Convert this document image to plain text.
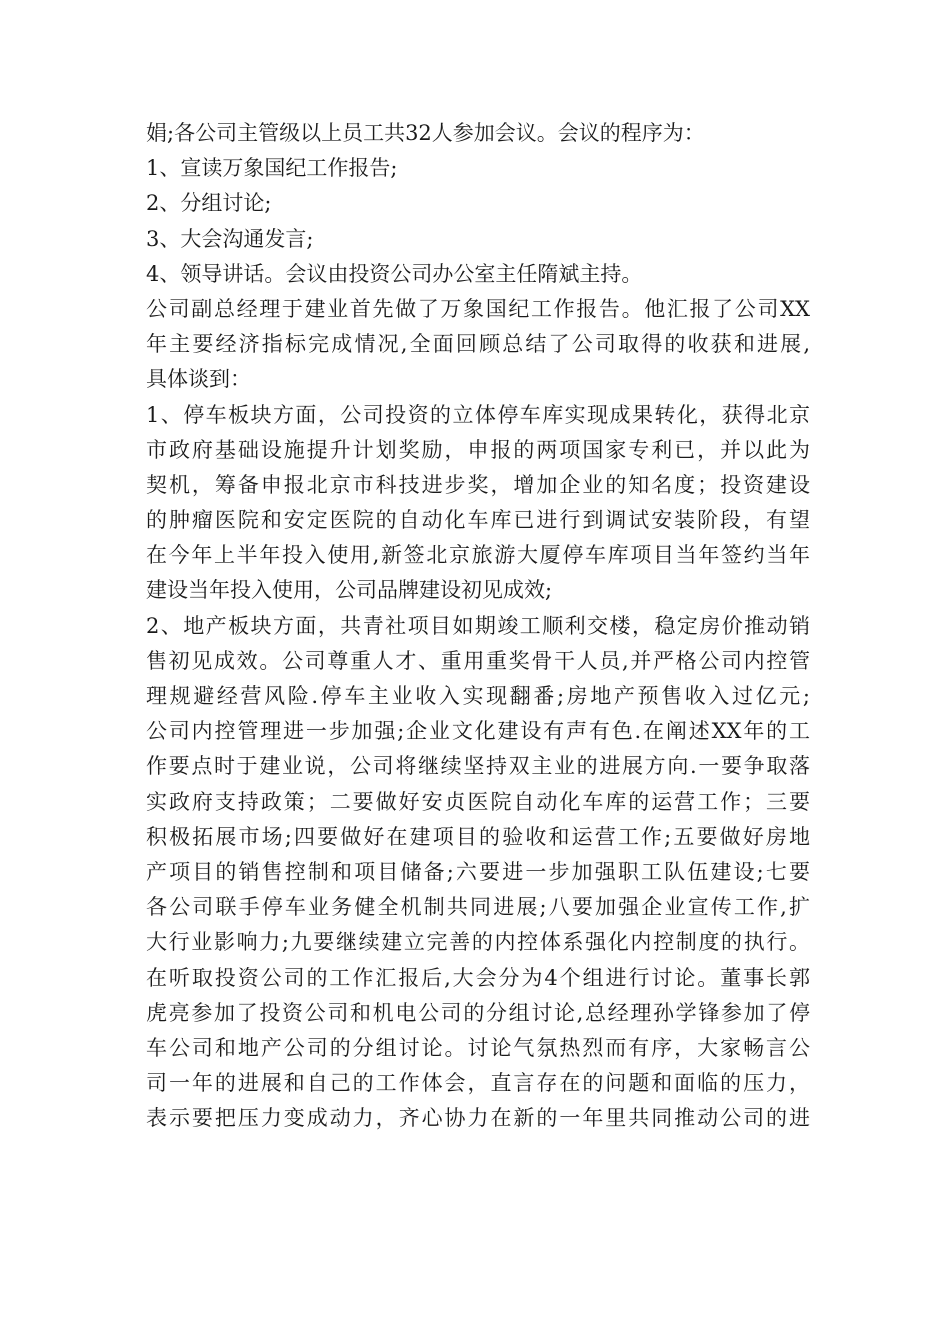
娟;各公司主管级以上员工共32人参加会议。会议的程序为：
1、宣读万象国纪工作报告;
2、分组讨论;
3、大会沟通发言;
4、领导讲话。会议由投资公司办公室主任隋斌主持。
公司副总经理于建业首先做了万象国纪工作报告。他汇报了公司XX
年主要经济指标完成情况,全面回顾总结了公司取得的收获和进展,
具体谈到：
1、停车板块方面，公司投资的立体停车库实现成果转化，获得北京
市政府基础设施提升计划奖励，申报的两项国家专利已，并以此为
契机，筹备申报北京市科技进步奖，增加企业的知名度；投资建设
的肿瘤医院和安定医院的自动化车库已进行到调试安装阶段，有望
在今年上半年投入使用,新签北京旅游大厦停车库项目当年签约当年
建设当年投入使用，公司品牌建设初见成效;
2、地产板块方面，共青社项目如期竣工顺利交楼，稳定房价推动销
售初见成效。公司尊重人才、重用重奖骨干人员,并严格公司内控管
理规避经营风险.停车主业收入实现翻番;房地产预售收入过亿元;
公司内控管理进一步加强;企业文化建设有声有色.在阐述XX年的工
作要点时于建业说，公司将继续坚持双主业的进展方向.一要争取落
实政府支持政策；二要做好安贞医院自动化车库的运营工作；三要
积极拓展市场;四要做好在建项目的验收和运营工作;五要做好房地
产项目的销售控制和项目储备;六要进一步加强职工队伍建设;七要
各公司联手停车业务健全机制共同进展;八要加强企业宣传工作,扩
大行业影响力;九要继续建立完善的内控体系强化内控制度的执行。
在听取投资公司的工作汇报后,大会分为4个组进行讨论。董事长郭
虎亮参加了投资公司和机电公司的分组讨论,总经理孙学锋参加了停
车公司和地产公司的分组讨论。讨论气氛热烈而有序，大家畅言公
司一年的进展和自己的工作体会，直言存在的问题和面临的压力，
表示要把压力变成动力，齐心协力在新的一年里共同推动公司的进
